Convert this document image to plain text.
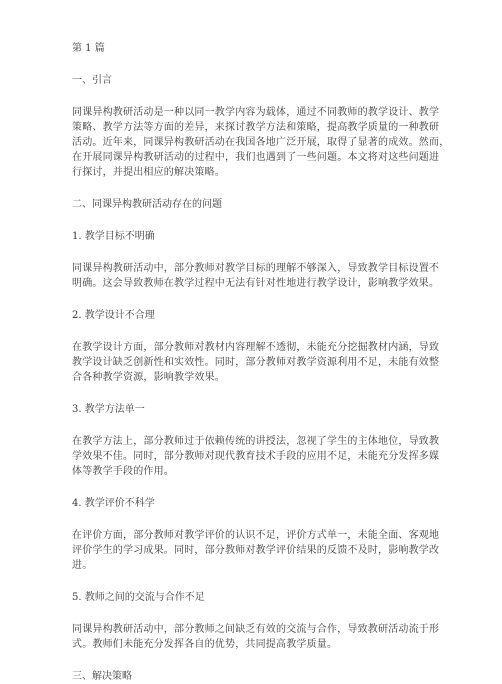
第 1 篇
一、引言
同课异构教研活动是一种以同一教学内容为载体，通过不同教师的教学设计、教学
策略、教学方法等方面的差异，来探讨教学方法和策略，提高教学质量的一种教研
活动。近年来，同课异构教研活动在我国各地广泛开展，取得了显著的成效。然而，
在开展同课异构教研活动的过程中，我们也遇到了一些问题。本文将对这些问题进
行探讨，并提出相应的解决策略。
二、同课异构教研活动存在的问题
1. 教学目标不明确
同课异构教研活动中，部分教师对教学目标的理解不够深入，导致教学目标设置不
明确。这会导致教师在教学过程中无法有针对性地进行教学设计，影响教学效果。
2. 教学设计不合理
在教学设计方面，部分教师对教材内容理解不透彻，未能充分挖掘教材内涵，导致
教学设计缺乏创新性和实效性。同时，部分教师对教学资源利用不足，未能有效整
合各种教学资源，影响教学效果。
3. 教学方法单一
在教学方法上，部分教师过于依赖传统的讲授法，忽视了学生的主体地位，导致教
学效果不佳。同时，部分教师对现代教育技术手段的应用不足，未能充分发挥多媒
体等教学手段的作用。
4. 教学评价不科学
在评价方面，部分教师对教学评价的认识不足，评价方式单一，未能全面、客观地
评价学生的学习成果。同时，部分教师对教学评价结果的反馈不及时，影响教学改
进。
5. 教师之间的交流与合作不足
同课异构教研活动中，部分教师之间缺乏有效的交流与合作，导致教研活动流于形
式。教师们未能充分发挥各自的优势，共同提高教学质量。
三、解决策略
